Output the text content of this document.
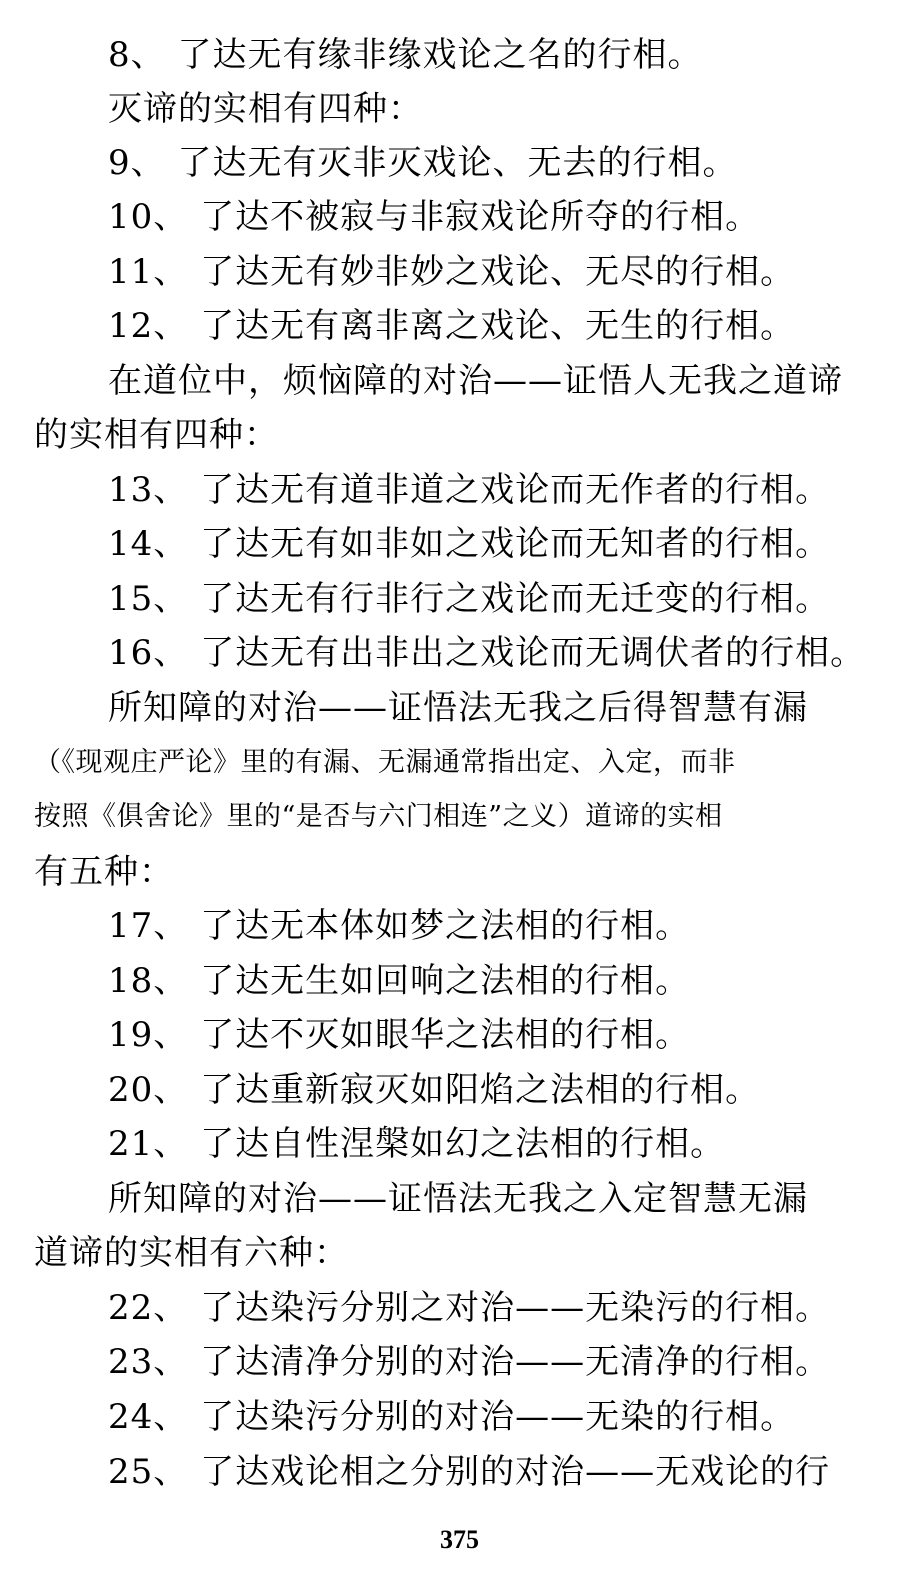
8、 了达无有缘非缘戏论之名的行相。
灭谛的实相有四种：
9、 了达无有灭非灭戏论、无去的行相。
10、 了达不被寂与非寂戏论所夺的行相。
11、 了达无有妙非妙之戏论、无尽的行相。
12、 了达无有离非离之戏论、无生的行相。
在道位中，烦恼障的对治——证悟人无我之道谛
的实相有四种：
13、 了达无有道非道之戏论而无作者的行相。
14、 了达无有如非如之戏论而无知者的行相。
15、 了达无有行非行之戏论而无迁变的行相。
16、 了达无有出非出之戏论而无调伏者的行相。
所知障的对治——证悟法无我之后得智慧有漏
（《现观庄严论》里的有漏、无漏通常指出定、入定，而非
按照《俱舍论》里的“是否与六门相连”之义）道谛的实相
有五种：
17、 了达无本体如梦之法相的行相。
18、 了达无生如回响之法相的行相。
19、 了达不灭如眼华之法相的行相。
20、 了达重新寂灭如阳焰之法相的行相。
21、 了达自性涅槃如幻之法相的行相。
所知障的对治——证悟法无我之入定智慧无漏
道谛的实相有六种：
22、 了达染污分别之对治——无染污的行相。
23、 了达清净分别的对治——无清净的行相。
24、 了达染污分别的对治——无染的行相。
25、 了达戏论相之分别的对治——无戏论的行
375
